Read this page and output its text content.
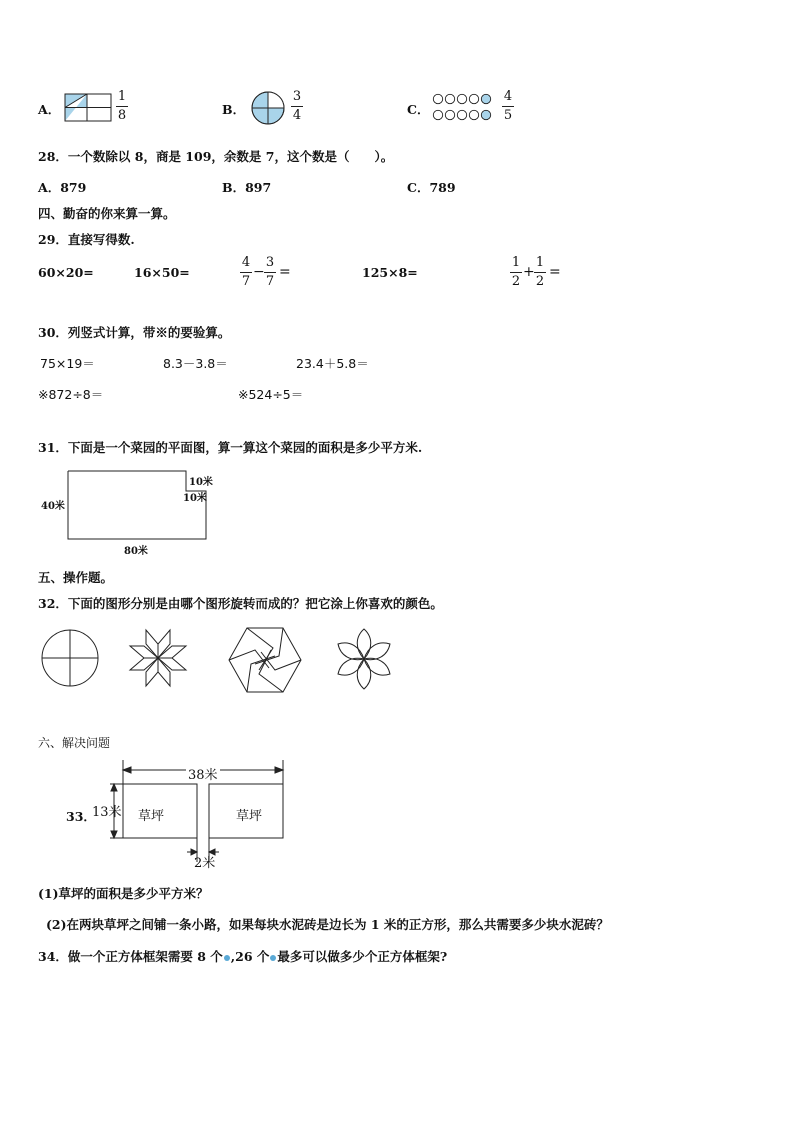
A．
1
8	B．
3
4	C．
4
5
28．一个数除以 8，商是 109，余数是 7，这个数是（　　）。
A．879	B．897	C．789
四、勤奋的你来算一算。
29．直接写得数.
60×20=	16×50=
4
7
−
3
7
=	125×8=
1
2
+
1
2
=
30．列竖式计算，带※的要验算。
75×19＝	8.3－3.8＝	23.4＋5.8＝
※872÷8＝	※524÷5＝
31．下面是一个菜园的平面图，算一算这个菜园的面积是多少平方米.
40米
80米
10米
10米
五、操作题。
32．下面的图形分别是由哪个图形旋转而成的？把它涂上你喜欢的颜色。
六、解决问题
33．
38米
13米 草坪	草坪
2米
(1)草坪的面积是多少平方米？
(2)在两块草坪之间铺一条小路，如果每块水泥砖是边长为 1 米的正方形，那么共需要多少块水泥砖？
34．做一个正方体框架需要 8 个 ,26 个 最多可以做多少个正方体框架?
